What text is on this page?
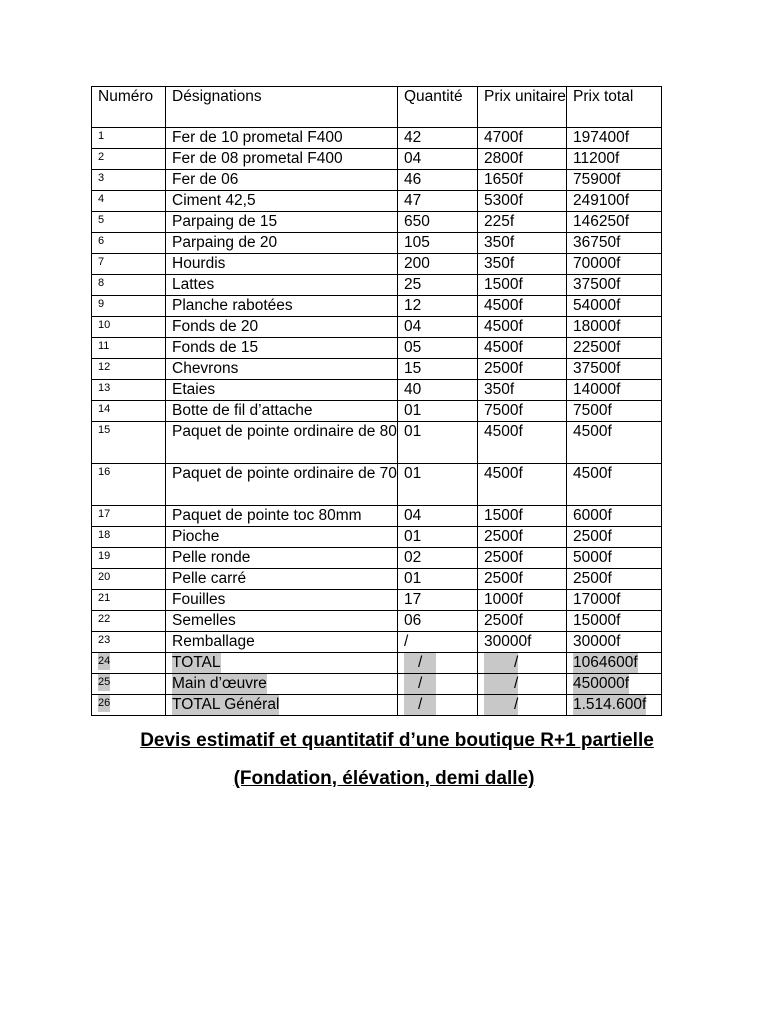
Numéro	Désignations	Quantité	Prix unitaire	Prix total
1	Fer de 10 prometal F400	42	4700f	197400f
2	Fer de 08 prometal F400	04	2800f	11200f
3	Fer de 06	46	1650f	75900f
4	Ciment 42,5	47	5300f	249100f
5	Parpaing de 15	650	225f	146250f
6	Parpaing de 20	105	350f	36750f
7	Hourdis	200	350f	70000f
8	Lattes	25	1500f	37500f
9	Planche rabotées	12	4500f	54000f
10	Fonds de 20	04	4500f	18000f
11	Fonds de 15	05	4500f	22500f
12	Chevrons	15	2500f	37500f
13	Etaies	40	350f	14000f
14	Botte de fil d’attache	01	7500f	7500f
15	Paquet de pointe ordinaire de 80	01	4500f	4500f
16	Paquet de pointe ordinaire de 70	01	4500f	4500f
17	Paquet de pointe toc 80mm	04	1500f	6000f
18	Pioche	01	2500f	2500f
19	Pelle ronde	02	2500f	5000f
20	Pelle carré	01	2500f	2500f
21	Fouilles	17	1000f	17000f
22	Semelles	06	2500f	15000f
23	Remballage	/	30000f	30000f
24	TOTAL	/	/	1064600f
25	Main d’œuvre	/	/	450000f
26	TOTAL Général	/	/	1.514.600f
Devis estimatif et quantitatif d’une boutique R+1 partielle
(Fondation, élévation, demi dalle)
